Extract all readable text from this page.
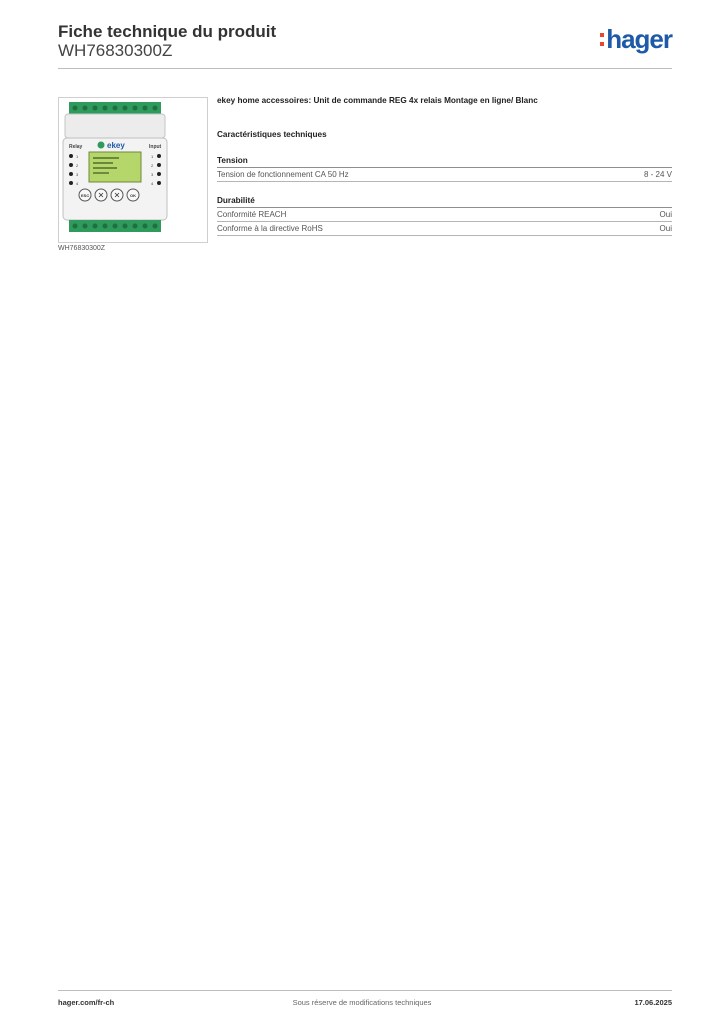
Fiche technique du produit
WH76830300Z	hager
Relay	Input
ekey
1
2
3
4
1
2
3
4
ESC	OK
WH76830300Z
ekey home accessoires: Unit de commande REG 4x relais Montage en ligne/ Blanc
Caractéristiques techniques
Tension
Tension de fonctionnement CA 50 Hz	8 - 24 V
Durabilité
Conformité REACH	Oui
Conforme à la directive RoHS	Oui
hager.com/fr-ch	Sous réserve de modifications techniques	17.06.2025
